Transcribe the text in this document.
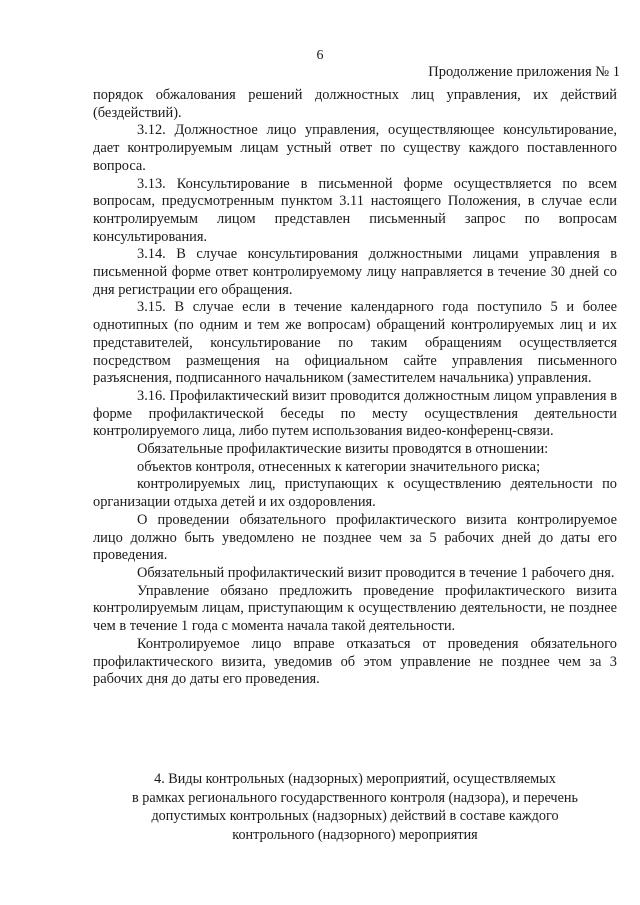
6
Продолжение приложения № 1

порядок обжалования решений должностных лиц управления, их действий (бездействий).

3.12. Должностное лицо управления, осуществляющее консультирование, дает контролируемым лицам устный ответ по существу каждого поставленного вопроса.

3.13. Консультирование в письменной форме осуществляется по всем вопросам, предусмотренным пунктом 3.11 настоящего Положения, в случае если контролируемым лицом представлен письменный запрос по вопросам консультирования.

3.14. В случае консультирования должностными лицами управления в письменной форме ответ контролируемому лицу направляется в течение 30 дней со дня регистрации его обращения.

3.15. В случае если в течение календарного года поступило 5 и более однотипных (по одним и тем же вопросам) обращений контролируемых лиц и их представителей, консультирование по таким обращениям осуществляется посредством размещения на официальном сайте управления письменного разъяснения, подписанного начальником (заместителем начальника) управления.

3.16. Профилактический визит проводится должностным лицом управления в форме профилактической беседы по месту осуществления деятельности контролируемого лица, либо путем использования видео-конференц-связи.

Обязательные профилактические визиты проводятся в отношении:

объектов контроля, отнесенных к категории значительного риска;

контролируемых лиц, приступающих к осуществлению деятельности по организации отдыха детей и их оздоровления.

О проведении обязательного профилактического визита контролируемое лицо должно быть уведомлено не позднее чем за 5 рабочих дней до даты его проведения.

Обязательный профилактический визит проводится в течение 1 рабочего дня.

Управление обязано предложить проведение профилактического визита контролируемым лицам, приступающим к осуществлению деятельности, не позднее чем в течение 1 года с момента начала такой деятельности.

Контролируемое лицо вправе отказаться от проведения обязательного профилактического визита, уведомив об этом управление не позднее чем за 3 рабочих дня до даты его проведения.

4. Виды контрольных (надзорных) мероприятий, осуществляемых
в рамках регионального государственного контроля (надзора), и перечень
допустимых контрольных (надзорных) действий в составе каждого
контрольного (надзорного) мероприятия
